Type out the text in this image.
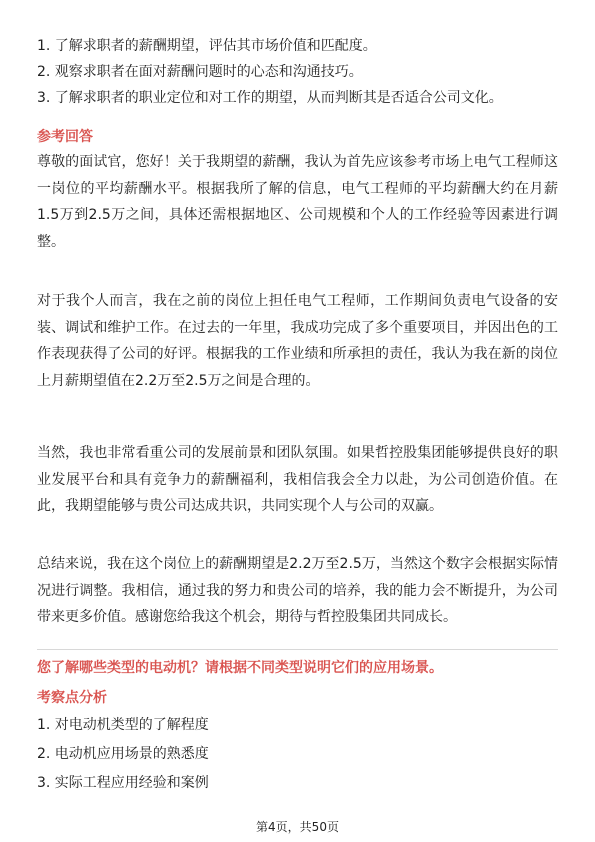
1. 了解求职者的薪酬期望，评估其市场价值和匹配度。
2. 观察求职者在面对薪酬问题时的心态和沟通技巧。
3. 了解求职者的职业定位和对工作的期望，从而判断其是否适合公司文化。
参考回答

尊敬的面试官，您好！关于我期望的薪酬，我认为首先应该参考市场上电气工程师这一岗位的平均薪酬水平。根据我所了解的信息，电气工程师的平均薪酬大约在月薪1.5万到2.5万之间，具体还需根据地区、公司规模和个人的工作经验等因素进行调整。

对于我个人而言，我在之前的岗位上担任电气工程师，工作期间负责电气设备的安装、调试和维护工作。在过去的一年里，我成功完成了多个重要项目，并因出色的工作表现获得了公司的好评。根据我的工作业绩和所承担的责任，我认为我在新的岗位上月薪期望值在2.2万至2.5万之间是合理的。

当然，我也非常看重公司的发展前景和团队氛围。如果哲控股集团能够提供良好的职业发展平台和具有竞争力的薪酬福利，我相信我会全力以赴，为公司创造价值。在此，我期望能够与贵公司达成共识，共同实现个人与公司的双赢。

总结来说，我在这个岗位上的薪酬期望是2.2万至2.5万，当然这个数字会根据实际情况进行调整。我相信，通过我的努力和贵公司的培养，我的能力会不断提升，为公司带来更多价值。感谢您给我这个机会，期待与哲控股集团共同成长。

您了解哪些类型的电动机？请根据不同类型说明它们的应用场景。
考察点分析
1. 对电动机类型的了解程度
2. 电动机应用场景的熟悉度
3. 实际工程应用经验和案例
第4页，共50页
